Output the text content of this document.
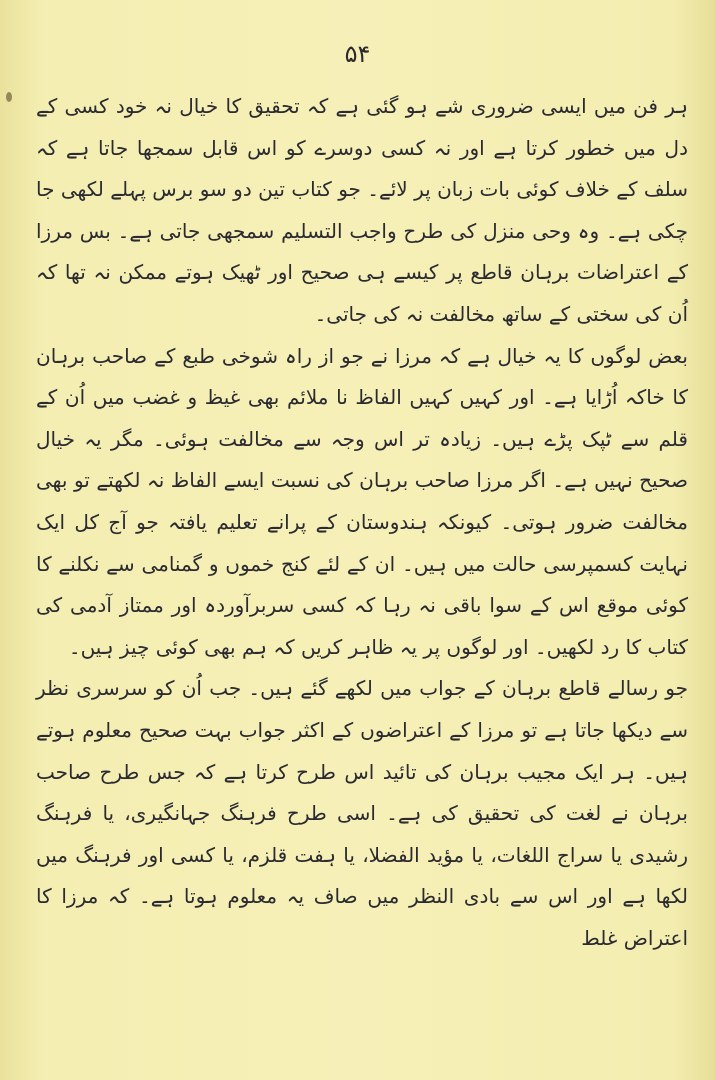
۵۴

ہر فن میں ایسی ضروری شے ہو گئی ہے کہ تحقیق کا خیال نہ خود کسی کے دل میں خطور کرتا ہے اور نہ کسی دوسرے کو اس قابل سمجھا جاتا ہے کہ سلف کے خلاف کوئی بات زبان پر لائے۔ جو کتاب تین دو سو برس پہلے لکھی جا چکی ہے۔ وہ وحی منزل کی طرح واجب التسلیم سمجھی جاتی ہے۔ بس مرزا کے اعتراضات برہان قاطع پر کیسے ہی صحیح اور ٹھیک ہوتے ممکن نہ تھا کہ اُن کی سختی کے ساتھ مخالفت نہ کی جاتی۔

بعض لوگوں کا یہ خیال ہے کہ مرزا نے جو از راہ شوخی طبع کے صاحب برہان کا خاکہ اُڑایا ہے۔ اور کہیں کہیں الفاظ نا ملائم بھی غیظ و غضب میں اُن کے قلم سے ٹپک پڑے ہیں۔ زیادہ تر اس وجہ سے مخالفت ہوئی۔ مگر یہ خیال صحیح نہیں ہے۔ اگر مرزا صاحب برہان کی نسبت ایسے الفاظ نہ لکھتے تو بھی مخالفت ضرور ہوتی۔ کیونکہ ہندوستان کے پرانے تعلیم یافتہ جو آج کل ایک نہایت کسمپرسی حالت میں ہیں۔ ان کے لئے کنج خموں و گمنامی سے نکلنے کا کوئی موقع اس کے سوا باقی نہ رہا کہ کسی سربرآوردہ اور ممتاز آدمی کی کتاب کا رد لکھیں۔ اور لوگوں پر یہ ظاہر کریں کہ ہم بھی کوئی چیز ہیں۔

جو رسالے قاطع برہان کے جواب میں لکھے گئے ہیں۔ جب اُن کو سرسری نظر سے دیکھا جاتا ہے تو مرزا کے اعتراضوں کے اکثر جواب بہت صحیح معلوم ہوتے ہیں۔ ہر ایک مجیب برہان کی تائید اس طرح کرتا ہے کہ جس طرح صاحب برہان نے لغت کی تحقیق کی ہے۔ اسی طرح فرہنگ جہانگیری، یا فرہنگ رشیدی یا سراج اللغات، یا مؤید الفضلا، یا ہفت قلزم، یا کسی اور فرہنگ میں لکھا ہے اور اس سے بادی النظر میں صاف یہ معلوم ہوتا ہے۔ کہ مرزا کا اعتراض غلط
